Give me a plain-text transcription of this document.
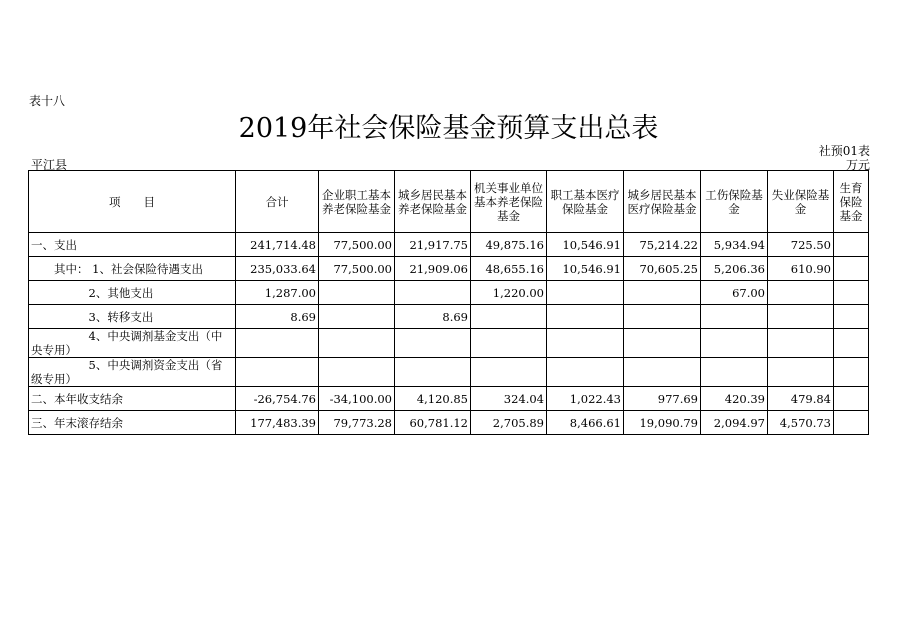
表十八
2019年社会保险基金预算支出总表
社预01表
平江县	万元
项　　目	合计	企业职工基本养老保险基金	城乡居民基本养老保险基金	机关事业单位基本养老保险基金	职工基本医疗保险基金	城乡居民基本医疗保险基金	工伤保险基金	失业保险基金	生育保险基金
一、支出	241,714.48	77,500.00	21,917.75	49,875.16	10,546.91	75,214.22	5,934.94	725.50	
　　其中： 1、社会保险待遇支出	235,033.64	77,500.00	21,909.06	48,655.16	10,546.91	70,605.25	5,206.36	610.90	
　　　　　2、其他支出	1,287.00			1,220.00			67.00		
　　　　　3、转移支出	8.69		8.69						
　　　　　4、中央调剂基金支出（中央专用）									
　　　　　5、中央调剂资金支出（省级专用）									
二、本年收支结余	-26,754.76	-34,100.00	4,120.85	324.04	1,022.43	977.69	420.39	479.84	
三、年末滚存结余	177,483.39	79,773.28	60,781.12	2,705.89	8,466.61	19,090.79	2,094.97	4,570.73	
